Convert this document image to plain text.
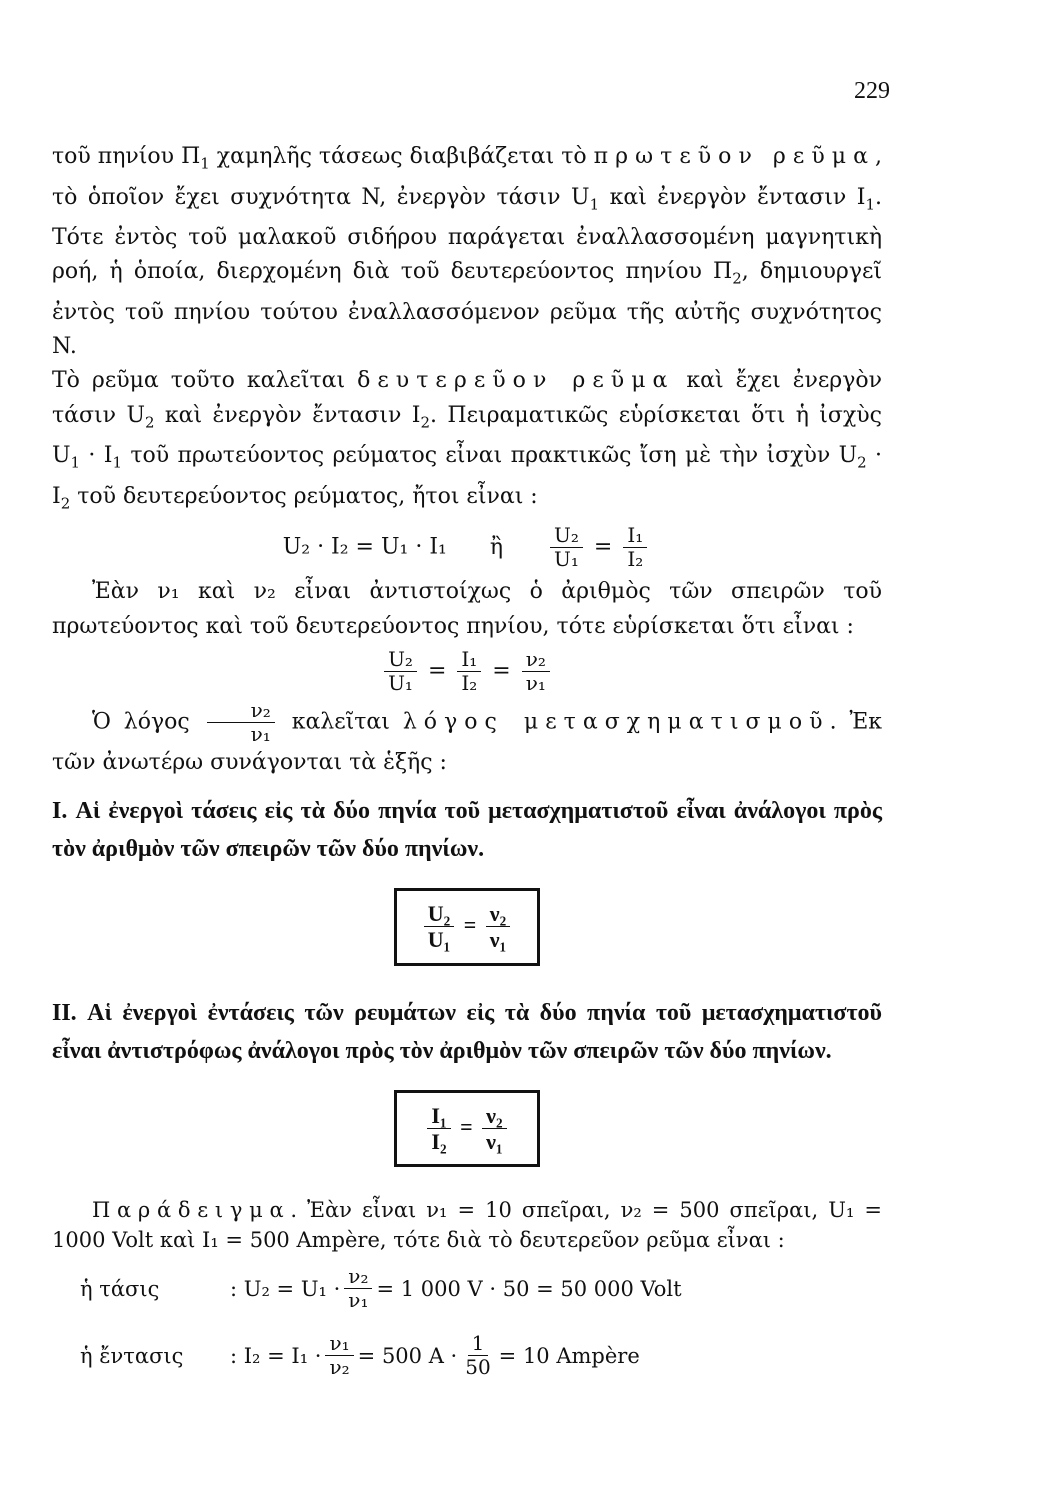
229

τοῦ πηνίου $\Pi_1$ χαμηλῆς τάσεως διαβιβάζεται τὸ πρωτεῦον ρεῦμα, τὸ ὁποῖον ἔχει συχνότητα N, ἐνεργὸν τάσιν $U_1$ καὶ ἐνεργὸν ἔντασιν $I_1$. Τότε ἐντὸς τοῦ μαλακοῦ σιδήρου παράγεται ἐναλλασσομένη μαγνητικὴ ροή, ἡ ὁποία, διερχομένη διὰ τοῦ δευτερεύοντος πηνίου $\Pi_2$, δημιουργεῖ ἐντὸς τοῦ πηνίου τούτου ἐναλλασσόμενον ρεῦμα τῆς αὐτῆς συχνότητος N.

Τὸ ρεῦμα τοῦτο καλεῖται δευτερεῦον ρεῦμα καὶ ἔχει ἐνεργὸν τάσιν $U_2$ καὶ ἐνεργὸν ἔντασιν $I_2$. Πειραματικῶς εὑρίσκεται ὅτι ἡ ἰσχὺς $U_1 \cdot I_1$ τοῦ πρωτεύοντος ρεύματος εἶναι πρακτικῶς ἴση μὲ τὴν ἰσχὺν $U_2 \cdot I_2$ τοῦ δευτερεύοντος ρεύματος, ἤτοι εἶναι :

U₂ · I₂ = U₁ · I₁ ἢ $\frac{\text{U₂}}{\text{U₁}} = \frac{\text{I₁}}{\text{I₂}}$

Ἐὰν ν₁ καὶ ν₂ εἶναι ἀντιστοίχως ὁ ἀριθμὸς τῶν σπειρῶν τοῦ πρωτεύοντος καὶ τοῦ δευτερεύοντος πηνίου, τότε εὑρίσκεται ὅτι εἶναι :

$\frac{\text{U₂}}{\text{U₁}} = \frac{\text{I₁}}{\text{I₂}} = \frac{\text{ν₂}}{\text{ν₁}}$

Ὁ λόγος $\frac{\text{ν₂}}{\text{ν₁}}$ καλεῖται λόγος μετασχηματισμοῦ. Ἐκ τῶν ἀνωτέρω συνάγονται τὰ ἑξῆς :

I. Αἱ ἐνεργοὶ τάσεις εἰς τὰ δύο πηνία τοῦ μετασχηματιστοῦ εἶναι ἀνάλογοι πρὸς τὸν ἀριθμὸν τῶν σπειρῶν τῶν δύο πηνίων.

$\frac{\text{U₂}}{\text{U₁}} = \frac{\text{ν₂}}{\text{ν₁}}$

II. Αἱ ἐνεργοὶ ἐντάσεις τῶν ρευμάτων εἰς τὰ δύο πηνία τοῦ μετασχηματιστοῦ εἶναι ἀντιστρόφως ἀνάλογοι πρὸς τὸν ἀριθμὸν τῶν σπειρῶν τῶν δύο πηνίων.

$\frac{\text{I₁}}{\text{I₂}} = \frac{\text{ν₂}}{\text{ν₁}}$

Παράδειγμα. Ἐὰν εἶναι ν₁ = 10 σπεῖραι, ν₂ = 500 σπεῖραι, U₁ = 1000 Volt καὶ I₁ = 500 Ampère, τότε διὰ τὸ δευτερεῦον ρεῦμα εἶναι :

ἡ τάσις	: $U_2 = U_1 \cdot \frac{\text{ν₂}}{\text{ν₁}} = 1$ 000 V · 50 = 50 000 Volt
ἡ ἔντασις	: $I_2 = I_1 \cdot \frac{\text{ν₁}}{\text{ν₂}} = 500$ $A \cdot \frac{1}{50} = 10$ Ampère
